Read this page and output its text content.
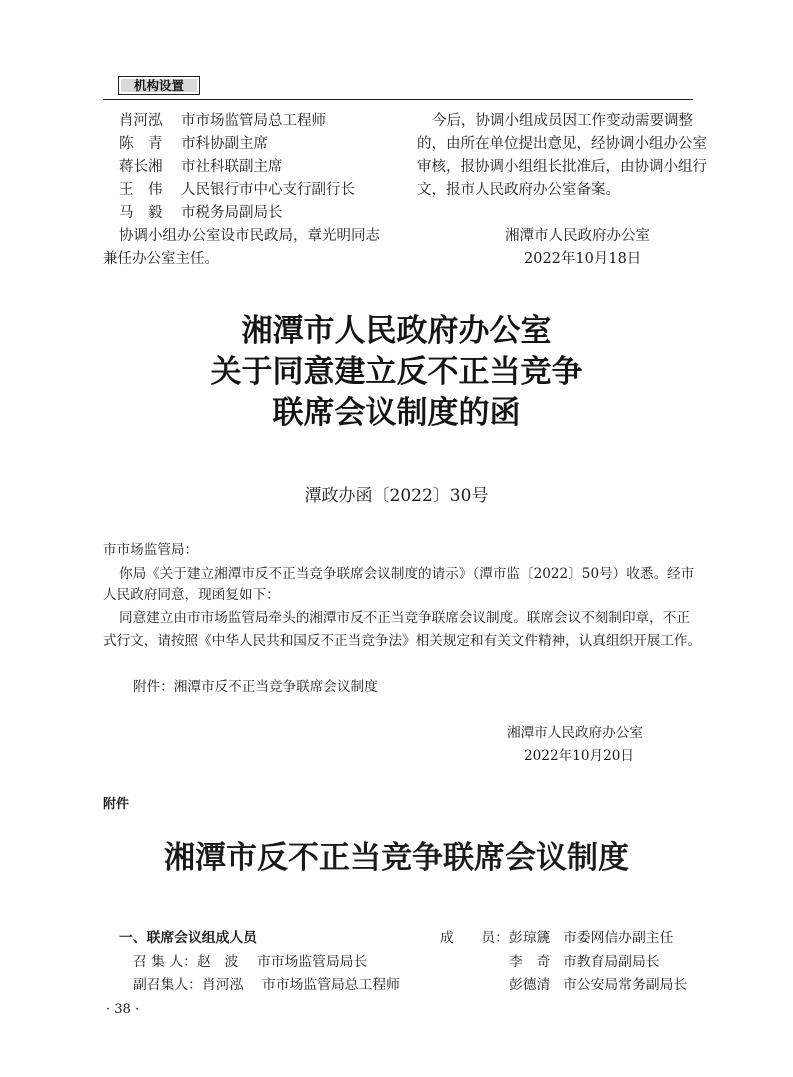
机构设置
肖河泓 市市场监管局总工程师
陈　青 市科协副主席
蒋长湘 市社科联副主席
王　伟 人民银行市中心支行副行长
马　毅 市税务局副局长
协调小组办公室设市民政局，章光明同志
兼任办公室主任。
今后，协调小组成员因工作变动需要调整
的，由所在单位提出意见，经协调小组办公室
审核，报协调小组组长批准后，由协调小组行
文，报市人民政府办公室备案。
湘潭市人民政府办公室
2022年10月18日
湘潭市人民政府办公室
关于同意建立反不正当竞争
联席会议制度的函
潭政办函〔2022〕30号
市市场监管局：
你局《关于建立湘潭市反不正当竞争联席会议制度的请示》（潭市监〔2022〕50号）收悉。经市
人民政府同意，现函复如下：
同意建立由市市场监管局牵头的湘潭市反不正当竞争联席会议制度。联席会议不刻制印章，不正
式行文，请按照《中华人民共和国反不正当竞争法》相关规定和有关文件精神，认真组织开展工作。
附件：湘潭市反不正当竞争联席会议制度
湘潭市人民政府办公室
2022年10月20日
附件
湘潭市反不正当竞争联席会议制度
一、联席会议组成人员
召 集 人：赵　波 市市场监管局局长
副召集人：肖河泓 市市场监管局总工程师
成　　员： 彭琼篪 市委网信办副主任
李　奇 市教育局副局长
彭德清 市公安局常务副局长
· 38 ·
